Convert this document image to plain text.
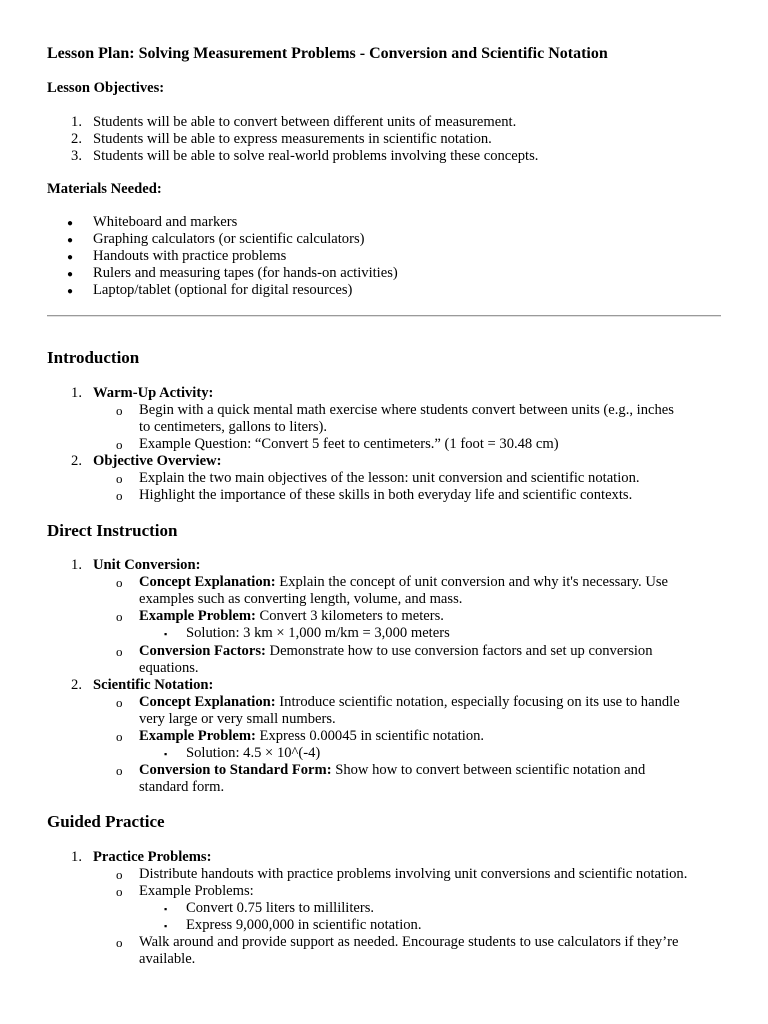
Lesson Plan: Solving Measurement Problems - Conversion and Scientific Notation
Lesson Objectives:
1. Students will be able to convert between different units of measurement.
2. Students will be able to express measurements in scientific notation.
3. Students will be able to solve real-world problems involving these concepts.
Materials Needed:
● Whiteboard and markers
● Graphing calculators (or scientific calculators)
● Handouts with practice problems
● Rulers and measuring tapes (for hands-on activities)
● Laptop/tablet (optional for digital resources)
Introduction
1. Warm-Up Activity:
o Begin with a quick mental math exercise where students convert between units (e.g., inches
to centimeters, gallons to liters).
o Example Question: “Convert 5 feet to centimeters.” (1 foot = 30.48 cm)
2. Objective Overview:
o Explain the two main objectives of the lesson: unit conversion and scientific notation.
o Highlight the importance of these skills in both everyday life and scientific contexts.
Direct Instruction
1. Unit Conversion:
o Concept Explanation: Explain the concept of unit conversion and why it's necessary. Use
examples such as converting length, volume, and mass.
o Example Problem: Convert 3 kilometers to meters.
▪ Solution: 3 km × 1,000 m/km = 3,000 meters
o Conversion Factors: Demonstrate how to use conversion factors and set up conversion
equations.
2. Scientific Notation:
o Concept Explanation: Introduce scientific notation, especially focusing on its use to handle
very large or very small numbers.
o Example Problem: Express 0.00045 in scientific notation.
▪ Solution: 4.5 × 10^(-4)
o Conversion to Standard Form: Show how to convert between scientific notation and
standard form.
Guided Practice
1. Practice Problems:
o Distribute handouts with practice problems involving unit conversions and scientific notation.
o Example Problems:
▪ Convert 0.75 liters to milliliters.
▪ Express 9,000,000 in scientific notation.
o Walk around and provide support as needed. Encourage students to use calculators if they’re
available.
